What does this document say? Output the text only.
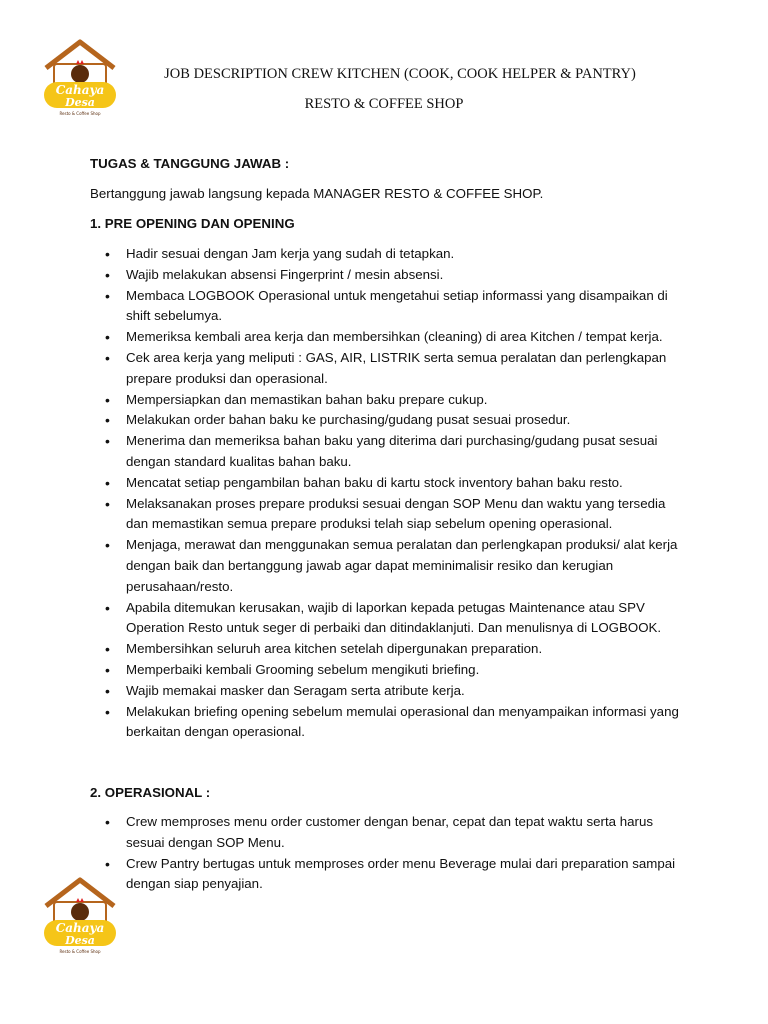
Cahaya
Desa
Resto & Coffee Shop
JOB DESCRIPTION CREW KITCHEN (COOK, COOK HELPER & PANTRY)
RESTO & COFFEE SHOP
TUGAS & TANGGUNG JAWAB :
Bertanggung jawab langsung kepada MANAGER RESTO & COFFEE SHOP.
1. PRE OPENING DAN OPENING
• Hadir sesuai dengan Jam kerja yang sudah di tetapkan.
• Wajib melakukan absensi Fingerprint / mesin absensi.
• Membaca LOGBOOK Operasional untuk mengetahui setiap informassi yang disampaikan di shift sebelumya.
• Memeriksa kembali area kerja dan membersihkan (cleaning) di area Kitchen / tempat kerja.
• Cek area kerja yang meliputi : GAS, AIR, LISTRIK serta semua peralatan dan perlengkapan prepare produksi dan operasional.
• Mempersiapkan dan memastikan bahan baku prepare cukup.
• Melakukan order bahan baku ke purchasing/gudang pusat sesuai prosedur.
• Menerima dan memeriksa bahan baku yang diterima dari purchasing/gudang pusat sesuai dengan standard kualitas bahan baku.
• Mencatat setiap pengambilan bahan baku di kartu stock inventory bahan baku resto.
• Melaksanakan proses prepare produksi sesuai dengan SOP Menu dan waktu yang tersedia dan memastikan semua prepare produksi telah siap sebelum opening operasional.
• Menjaga, merawat dan menggunakan semua peralatan dan perlengkapan produksi/ alat kerja dengan baik dan bertanggung jawab agar dapat meminimalisir resiko dan kerugian perusahaan/resto.
• Apabila ditemukan kerusakan, wajib di laporkan kepada petugas Maintenance atau SPV Operation Resto untuk seger di perbaiki dan ditindaklanjuti. Dan menulisnya di LOGBOOK.
• Membersihkan seluruh area kitchen setelah dipergunakan preparation.
• Memperbaiki kembali Grooming sebelum mengikuti briefing.
• Wajib memakai masker dan Seragam serta atribute kerja.
• Melakukan briefing opening sebelum memulai operasional dan menyampaikan informasi yang berkaitan dengan operasional.
2. OPERASIONAL :
• Crew memproses menu order customer dengan benar, cepat dan tepat waktu serta harus sesuai dengan SOP Menu.
• Crew Pantry bertugas untuk memproses order menu Beverage mulai dari preparation sampai dengan siap penyajian.
Cahaya
Desa
Resto & Coffee Shop
